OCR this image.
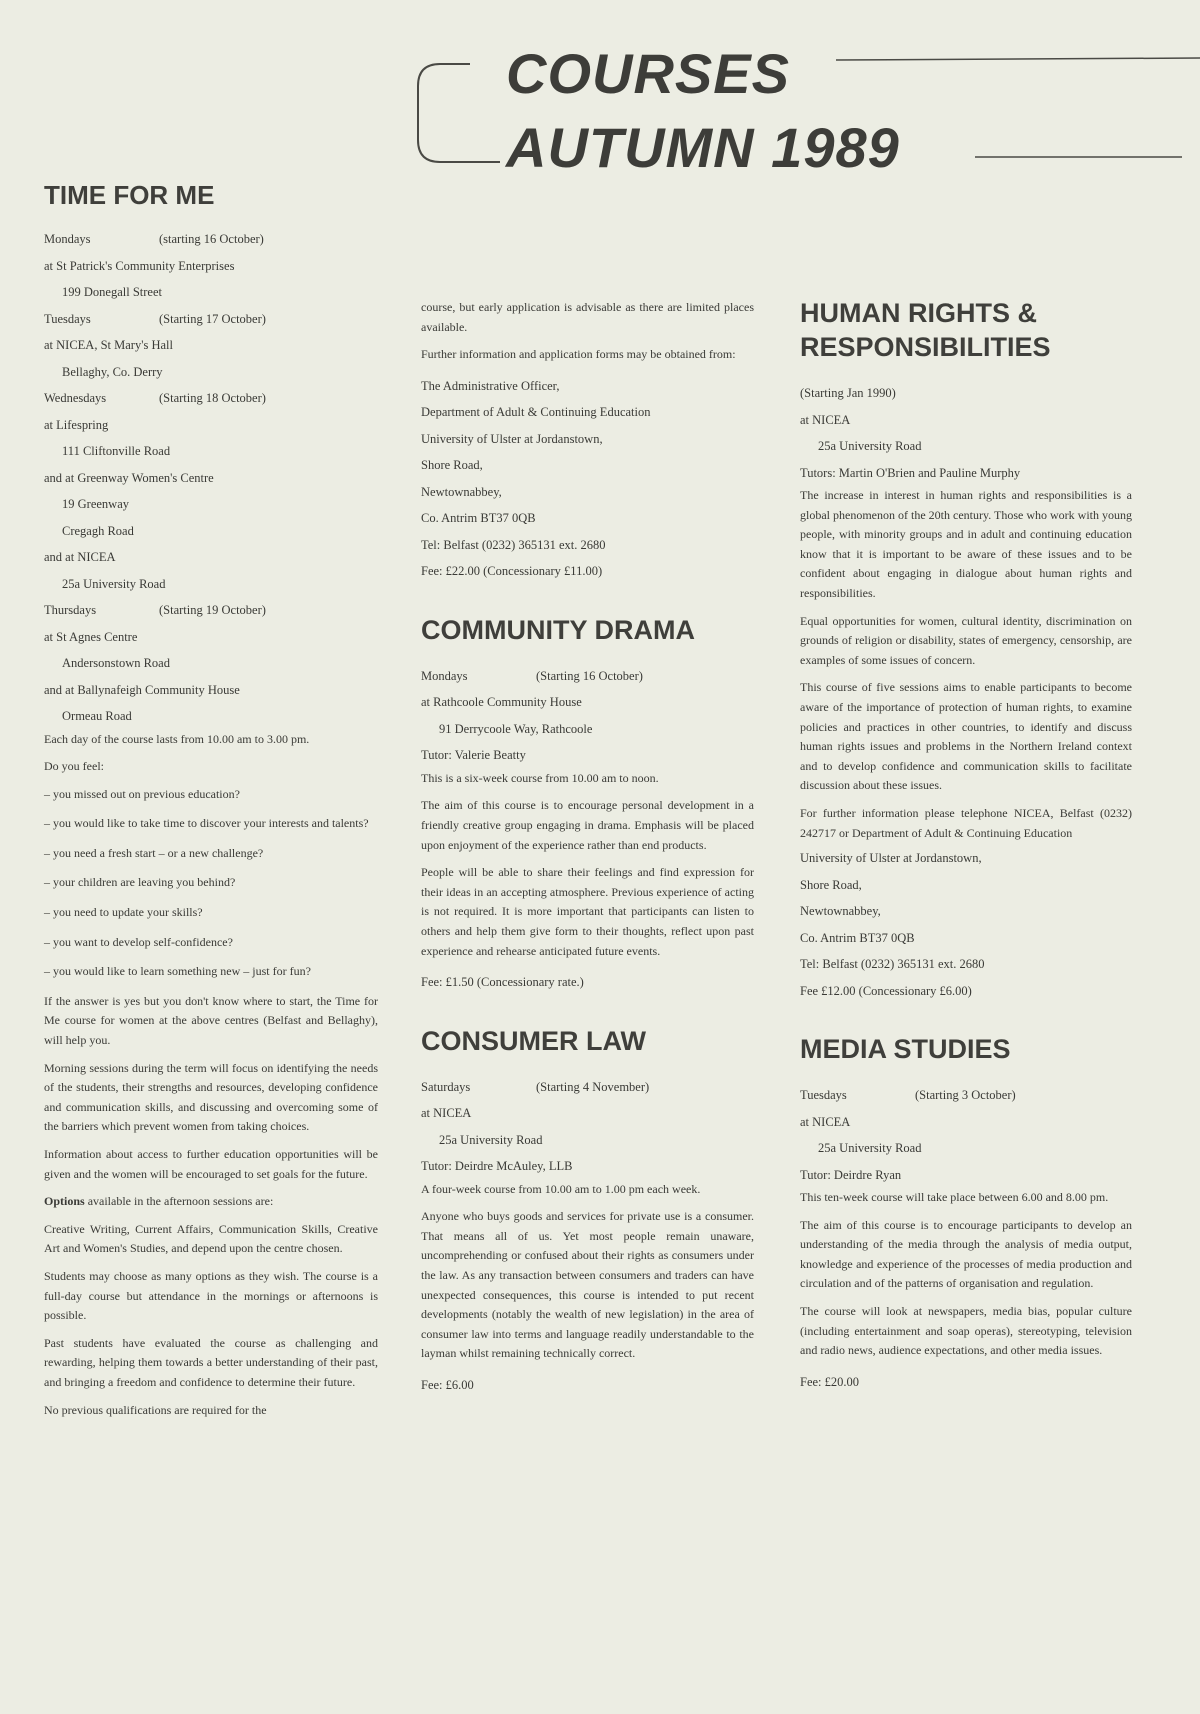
COURSES
AUTUMN 1989
TIME FOR ME
Mondays	(starting 16 October)
at St Patrick's Community Enterprises
199 Donegall Street
Tuesdays	(Starting 17 October)
at NICEA, St Mary's Hall
Bellaghy, Co. Derry
Wednesdays	(Starting 18 October)
at Lifespring
111 Cliftonville Road
and at Greenway Women's Centre
19 Greenway
Cregagh Road
and at NICEA
25a University Road
Thursdays	(Starting 19 October)
at St Agnes Centre
Andersonstown Road
and at Ballynafeigh Community House
Ormeau Road

Each day of the course lasts from 10.00 am to 3.00 pm.

Do you feel:

– you missed out on previous education?
– you would like to take time to discover your interests and talents?
– you need a fresh start – or a new challenge?
– your children are leaving you behind?
– you need to update your skills?
– you want to develop self-confidence?
– you would like to learn something new – just for fun?

If the answer is yes but you don't know where to start, the Time for Me course for women at the above centres (Belfast and Bellaghy), will help you.

Morning sessions during the term will focus on identifying the needs of the students, their strengths and resources, developing confidence and communication skills, and discussing and overcoming some of the barriers which prevent women from taking choices.

Information about access to further education opportunities will be given and the women will be encouraged to set goals for the future.

Options available in the afternoon sessions are:

Creative Writing, Current Affairs, Communication Skills, Creative Art and Women's Studies, and depend upon the centre chosen.

Students may choose as many options as they wish. The course is a full-day course but attendance in the mornings or afternoons is possible.

Past students have evaluated the course as challenging and rewarding, helping them towards a better understanding of their past, and bringing a freedom and confidence to determine their future.

No previous qualifications are required for the

course, but early application is advisable as there are limited places available.

Further information and application forms may be obtained from:

The Administrative Officer,
Department of Adult & Continuing Education
University of Ulster at Jordanstown,
Shore Road,
Newtownabbey,
Co. Antrim BT37 0QB
Tel: Belfast (0232) 365131 ext. 2680
Fee: £22.00 (Concessionary £11.00)
COMMUNITY DRAMA
Mondays	(Starting 16 October)
at Rathcoole Community House
91 Derrycoole Way, Rathcoole
Tutor: Valerie Beatty

This is a six-week course from 10.00 am to noon.

The aim of this course is to encourage personal development in a friendly creative group engaging in drama. Emphasis will be placed upon enjoyment of the experience rather than end products.

People will be able to share their feelings and find expression for their ideas in an accepting atmosphere. Previous experience of acting is not required. It is more important that participants can listen to others and help them give form to their thoughts, reflect upon past experience and rehearse anticipated future events.

Fee: £1.50 (Concessionary rate.)
CONSUMER LAW
Saturdays	(Starting 4 November)
at NICEA
25a University Road
Tutor: Deirdre McAuley, LLB

A four-week course from 10.00 am to 1.00 pm each week.

Anyone who buys goods and services for private use is a consumer. That means all of us. Yet most people remain unaware, uncomprehending or confused about their rights as consumers under the law. As any transaction between consumers and traders can have unexpected consequences, this course is intended to put recent developments (notably the wealth of new legislation) in the area of consumer law into terms and language readily understandable to the layman whilst remaining technically correct.

Fee: £6.00
HUMAN RIGHTS &
RESPONSIBILITIES
(Starting Jan 1990)
at NICEA
25a University Road
Tutors: Martin O'Brien and Pauline Murphy

The increase in interest in human rights and responsibilities is a global phenomenon of the 20th century. Those who work with young people, with minority groups and in adult and continuing education know that it is important to be aware of these issues and to be confident about engaging in dialogue about human rights and responsibilities.

Equal opportunities for women, cultural identity, discrimination on grounds of religion or disability, states of emergency, censorship, are examples of some issues of concern.

This course of five sessions aims to enable participants to become aware of the importance of protection of human rights, to examine policies and practices in other countries, to identify and discuss human rights issues and problems in the Northern Ireland context and to develop confidence and communication skills to facilitate discussion about these issues.

For further information please telephone NICEA, Belfast (0232) 242717 or Department of Adult & Continuing Education

University of Ulster at Jordanstown,
Shore Road,
Newtownabbey,
Co. Antrim BT37 0QB
Tel: Belfast (0232) 365131 ext. 2680
Fee £12.00 (Concessionary £6.00)
MEDIA STUDIES
Tuesdays	(Starting 3 October)
at NICEA
25a University Road
Tutor: Deirdre Ryan

This ten-week course will take place between 6.00 and 8.00 pm.

The aim of this course is to encourage participants to develop an understanding of the media through the analysis of media output, knowledge and experience of the processes of media production and circulation and of the patterns of organisation and regulation.

The course will look at newspapers, media bias, popular culture (including entertainment and soap operas), stereotyping, television and radio news, audience expectations, and other media issues.

Fee: £20.00
